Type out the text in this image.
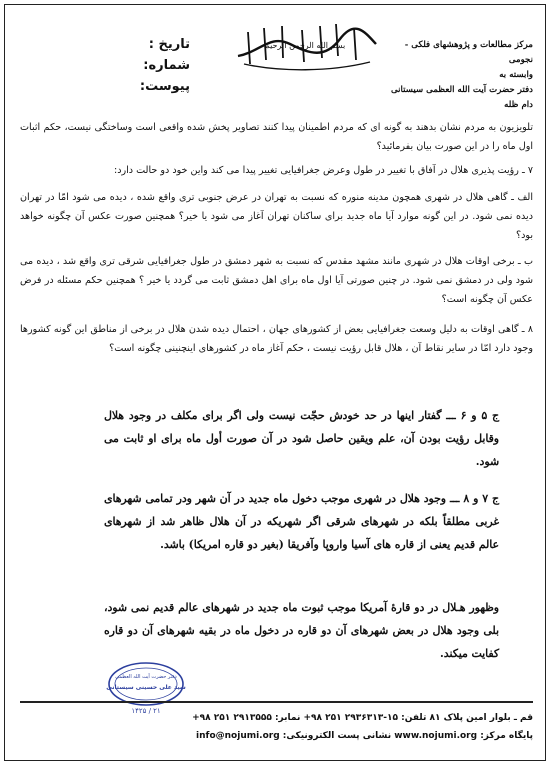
تاریخ :
شماره:
پیوست:
بسم الله الرحمن الرحیم	مرکز مطالعات و پژوهشهای فلکی - نجومی
وابسته به
دفتر حضرت آیت الله العظمی سیستانی دام ظله
تلویزیون به مردم نشان بدهند به گونه ای که مردم اطمینان پیدا کنند تصاویر پخش شده واقعی است وساختگی نیست، حکم اثبات اول ماه را در این صورت بیان بفرمائید؟
۷ ـ رؤیت پذیری هلال در آفاق با تغییر در طول وعرض جغرافیایی تغییر پیدا می کند واین خود دو حالت دارد:
الف ـ گاهی هلال در شهری همچون مدینه منوره که نسبت به تهران در عرض جنوبی تری واقع شده ، دیده می شود امّا در تهران دیده نمی شود. در این گونه موارد آیا ماه جدید برای ساکنان تهران آغاز می شود یا خیر؟ همچنین صورت عکس آن چگونه خواهد بود؟
ب ـ برخی اوقات هلال در شهری مانند مشهد مقدس که نسبت به شهر دمشق در طول جغرافیایی شرقی تری واقع شد ، دیده می شود ولی در دمشق نمی شود. در چنین صورتی آیا اول ماه برای اهل دمشق ثابت می گردد یا خیر ؟ همچنین حکم مسئله در فرض عکس آن چگونه است؟
۸ ـ گاهی اوقات به دلیل وسعت جغرافیایی بعض از کشورهای جهان ، احتمال دیده شدن هلال در برخی از مناطق این گونه کشورها وجود دارد امّا در سایر نقاط آن ، هلال قابل رؤیت نیست ، حکم آغاز ماه در کشورهای اینچنینی چگونه است؟
ج ۵ و ۶ ـــ گفتار اینها در حد خودش حجّت نیست ولی اگر برای مکلف در وجود هلال وقابل رؤیت بودن آن، علم ویقین حاصل شود در آن صورت أول ماه برای او ثابت می شود.
ج ۷ و ۸ ـــ وجود هلال در شهری موجب دخول ماه جدید در آن شهر ودر تمامی شهرهای غربی مطلقاً بلکه در شهرهای شرقی اگر شهریکه در آن هلال ظاهر شد از شهرهای عالم قدیم یعنی از قاره های آسیا واروپا وآفریقا (بغیر دو قاره امریکا) باشد.
وظهور هـلال در دو قارهٔ آمریکا موجب ثبوت ماه جدید در شهرهای عالم قدیم نمی شود، بلی وجود هلال در بعض شهرهای آن دو قاره در دخول ماه در بقیه شهرهای آن دو قاره کفایت میکند.
دفتر حضرت آیت الله العظمی
سید علی حسینی سیستانی
۱۴۲۵ / ۲۱
قم ـ بلوار امین پلاک ۸۱ تلفن: ۱۵-۲۹۳۶۳۱۳ ۲۵۱ ۹۸+ نمابر: ۲۹۱۳۵۵۵ ۲۵۱ ۹۸+
پایگاه مرکز: www.nojumi.org نشانی پست الکترونیکی: info@nojumi.org
